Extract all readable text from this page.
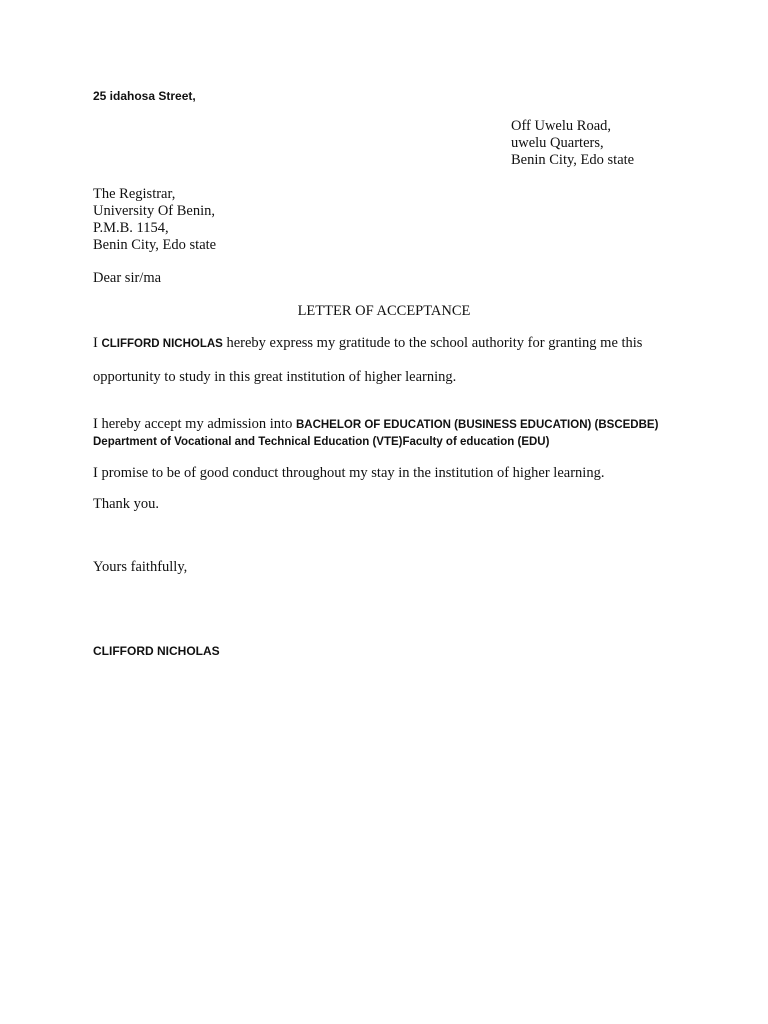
25 idahosa Street,
Off Uwelu Road,
uwelu Quarters,
Benin City, Edo state
The Registrar,
University Of Benin,
P.M.B. 1154,
Benin City, Edo state
Dear sir/ma
LETTER OF ACCEPTANCE
I CLIFFORD NICHOLAS hereby express my gratitude to the school authority for granting me this
opportunity to study in this great institution of higher learning.
I hereby accept my admission into BACHELOR OF EDUCATION (BUSINESS EDUCATION) (BSCEDBE)
Department of Vocational and Technical Education (VTE)Faculty of education (EDU)
I promise to be of good conduct throughout my stay in the institution of higher learning.
Thank you.
Yours faithfully,
CLIFFORD NICHOLAS
